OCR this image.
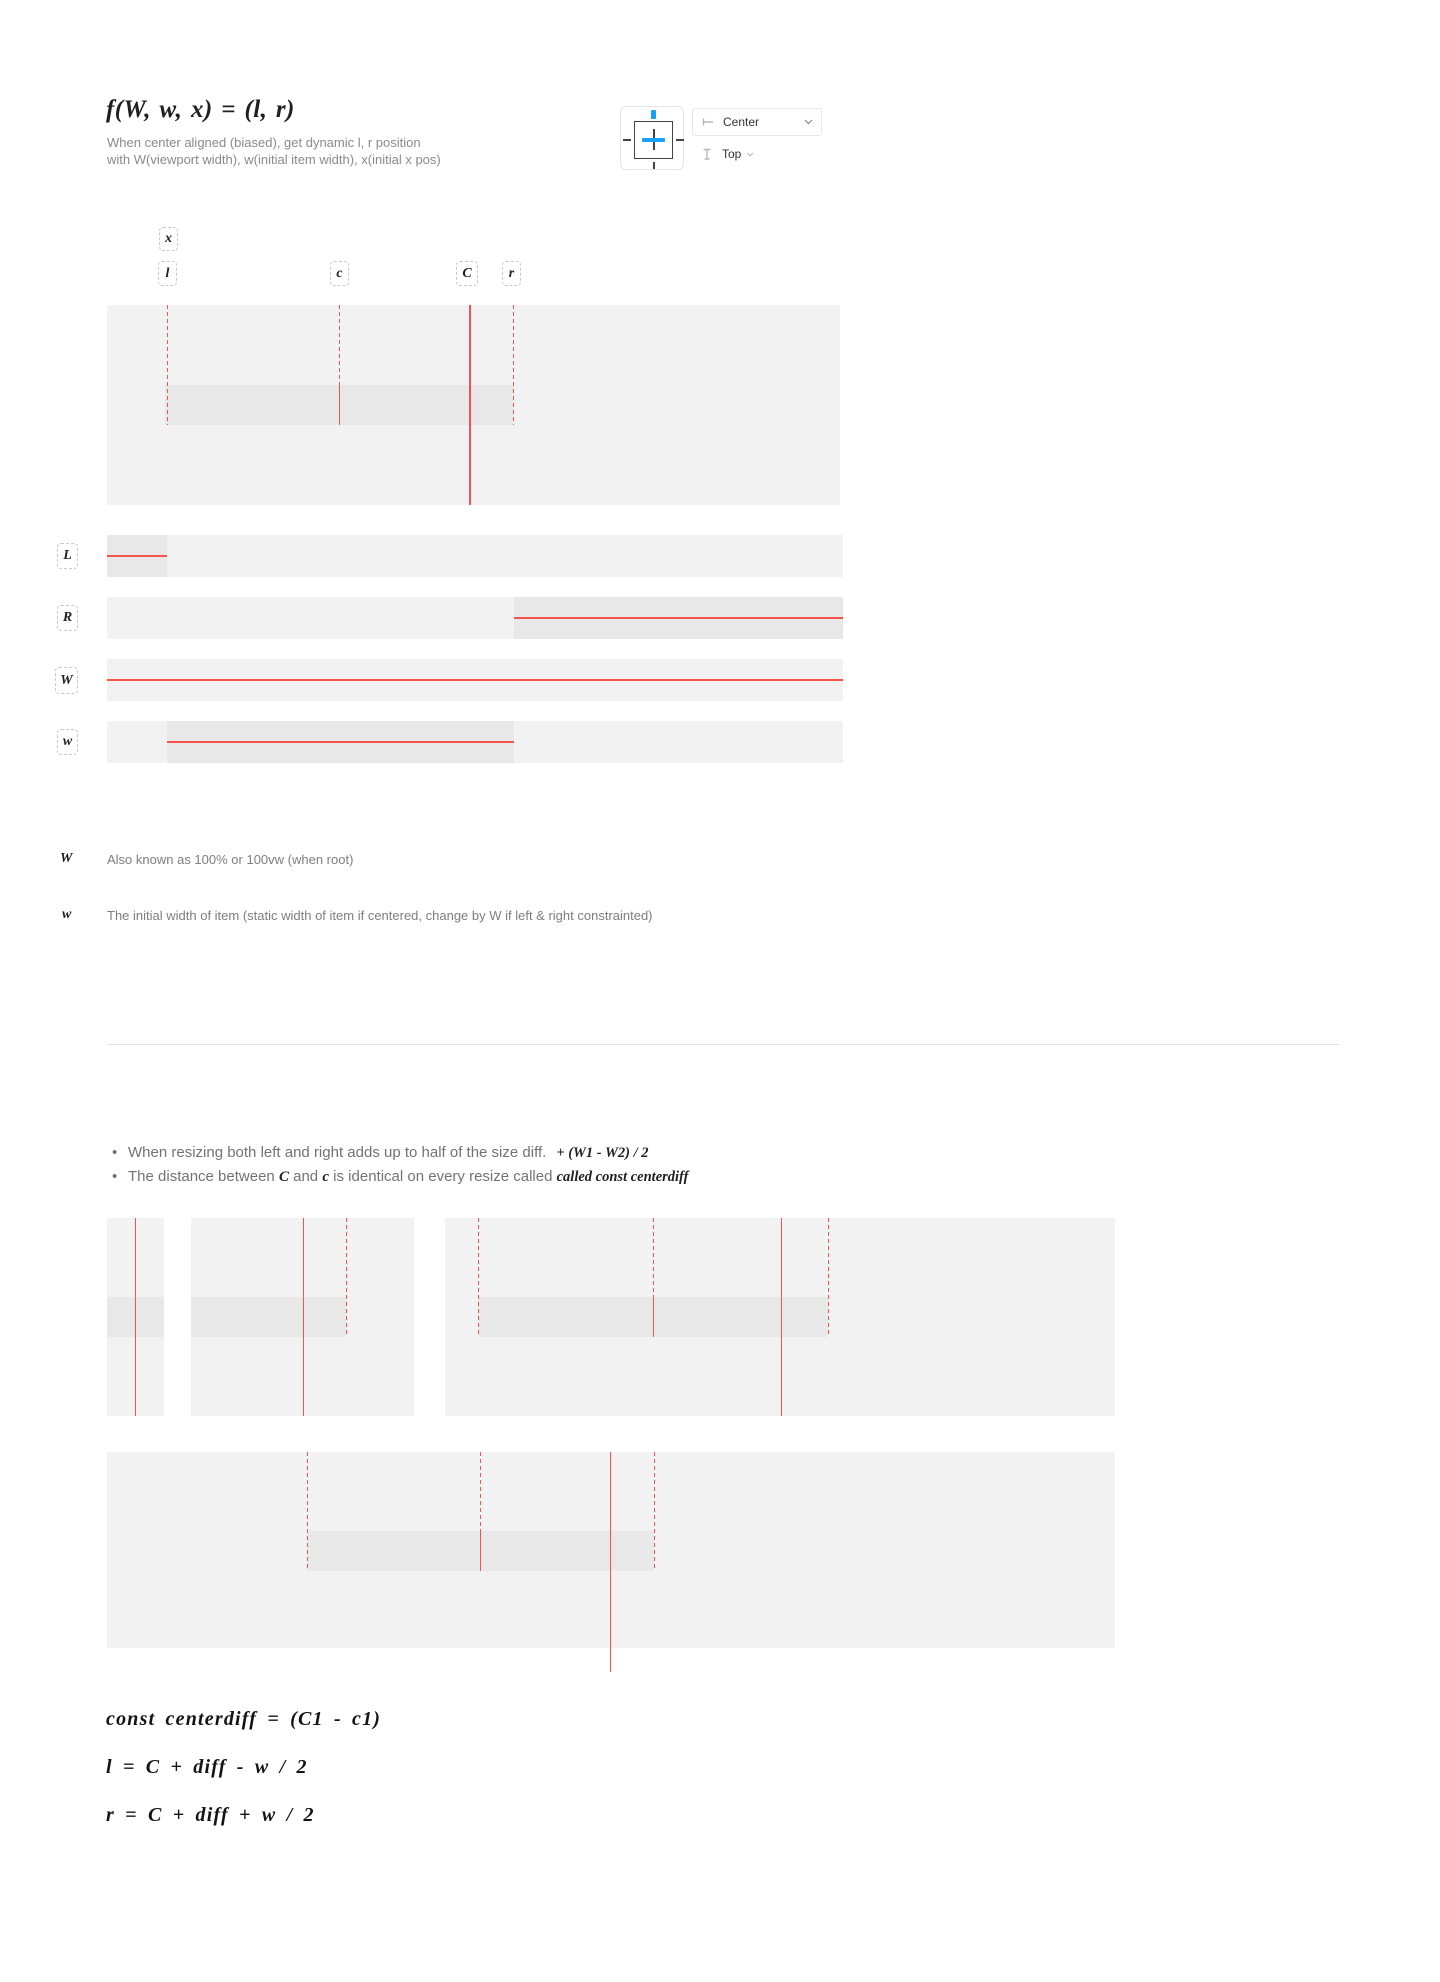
f(W, w, x) = (l, r)
When center aligned (biased), get dynamic l, r position
with W(viewport width), w(initial item width), x(initial x pos)
Center
Top
x
l	c	C	r
L
R
W
w
W	Also known as 100% or 100vw (when root)
w	The initial width of item (static width of item if centered, change by W if left & right constrainted)
• When resizing both left and right adds up to half of the size diff. + (W1 - W2) / 2
• The distance between
C
and
c
is identical on every resize called
called const centerdiff
const centerdiff = (C1 - c1)
l = C + diff - w / 2
r = C + diff + w / 2
